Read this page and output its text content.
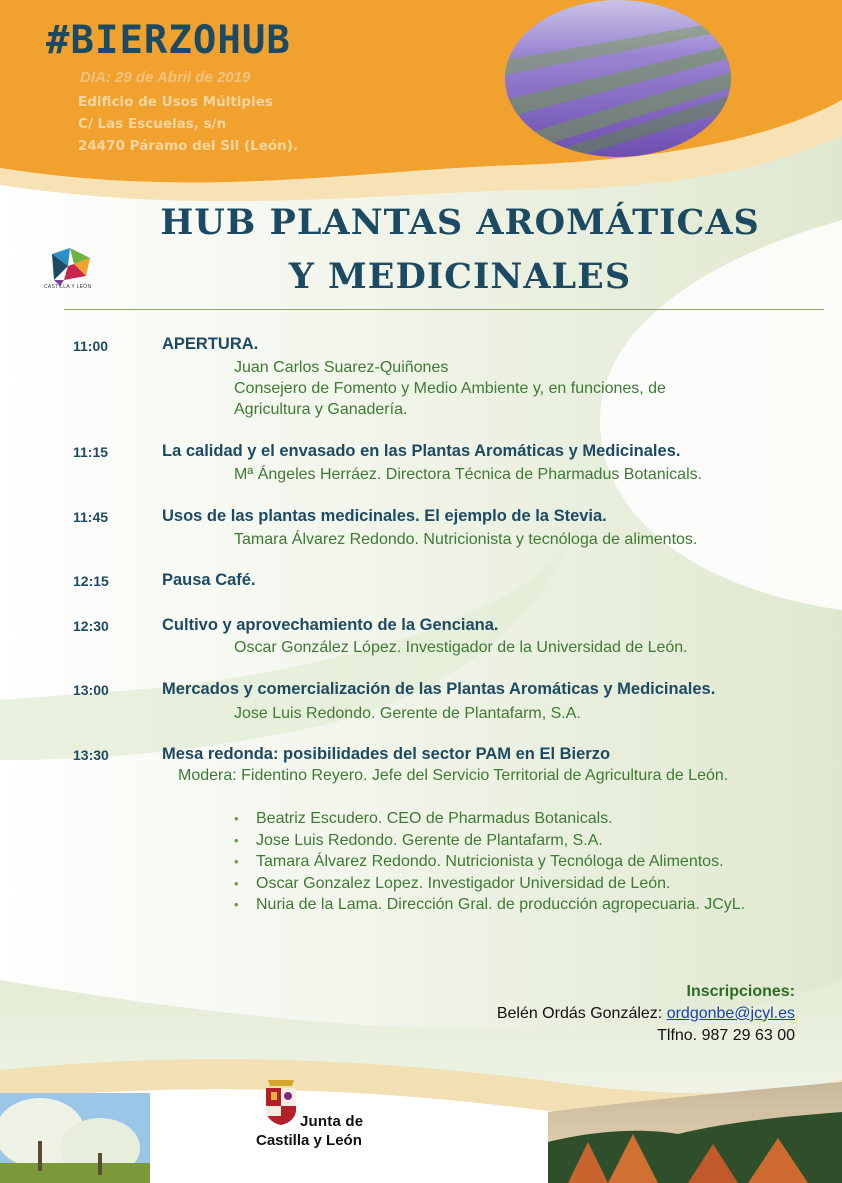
#BIERZOHUB
DIA: 29 de Abril de 2019
Edificio de Usos Múltiples
C/ Las Escuelas, s/n
24470 Páramo del Sil (León).
CASTILLA Y LEÓN
HUB PLANTAS AROMÁTICAS
Y MEDICINALES
11:00	APERTURA.
Juan Carlos Suarez-Quiñones
Consejero de Fomento y Medio Ambiente y, en funciones, de
Agricultura y Ganadería.
11:15	La calidad y el envasado en las Plantas Aromáticas y Medicinales.
Mª Ángeles Herráez. Directora Técnica de Pharmadus Botanicals.
11:45	Usos de las plantas medicinales. El ejemplo de la Stevia.
Tamara Álvarez Redondo. Nutricionista y tecnóloga de alimentos.
12:15	Pausa Café.
12:30	Cultivo y aprovechamiento de la Genciana.
Oscar González López. Investigador de la Universidad de León.
13:00	Mercados y comercialización de las Plantas Aromáticas y Medicinales.
Jose Luis Redondo. Gerente de Plantafarm, S.A.
13:30	Mesa redonda: posibilidades del sector PAM en El Bierzo
Modera: Fidentino Reyero. Jefe del Servicio Territorial de Agricultura de León.
• Beatriz Escudero. CEO de Pharmadus Botanicals.
• Jose Luis Redondo. Gerente de Plantafarm, S.A.
• Tamara Álvarez Redondo. Nutricionista y Tecnóloga de Alimentos.
• Oscar Gonzalez Lopez. Investigador Universidad de León.
• Nuria de la Lama. Dirección Gral. de producción agropecuaria. JCyL.
Inscripciones:
Belén Ordás González: ordgonbe@jcyl.es
Tlfno. 987 29 63 00
Junta de
Castilla y León
